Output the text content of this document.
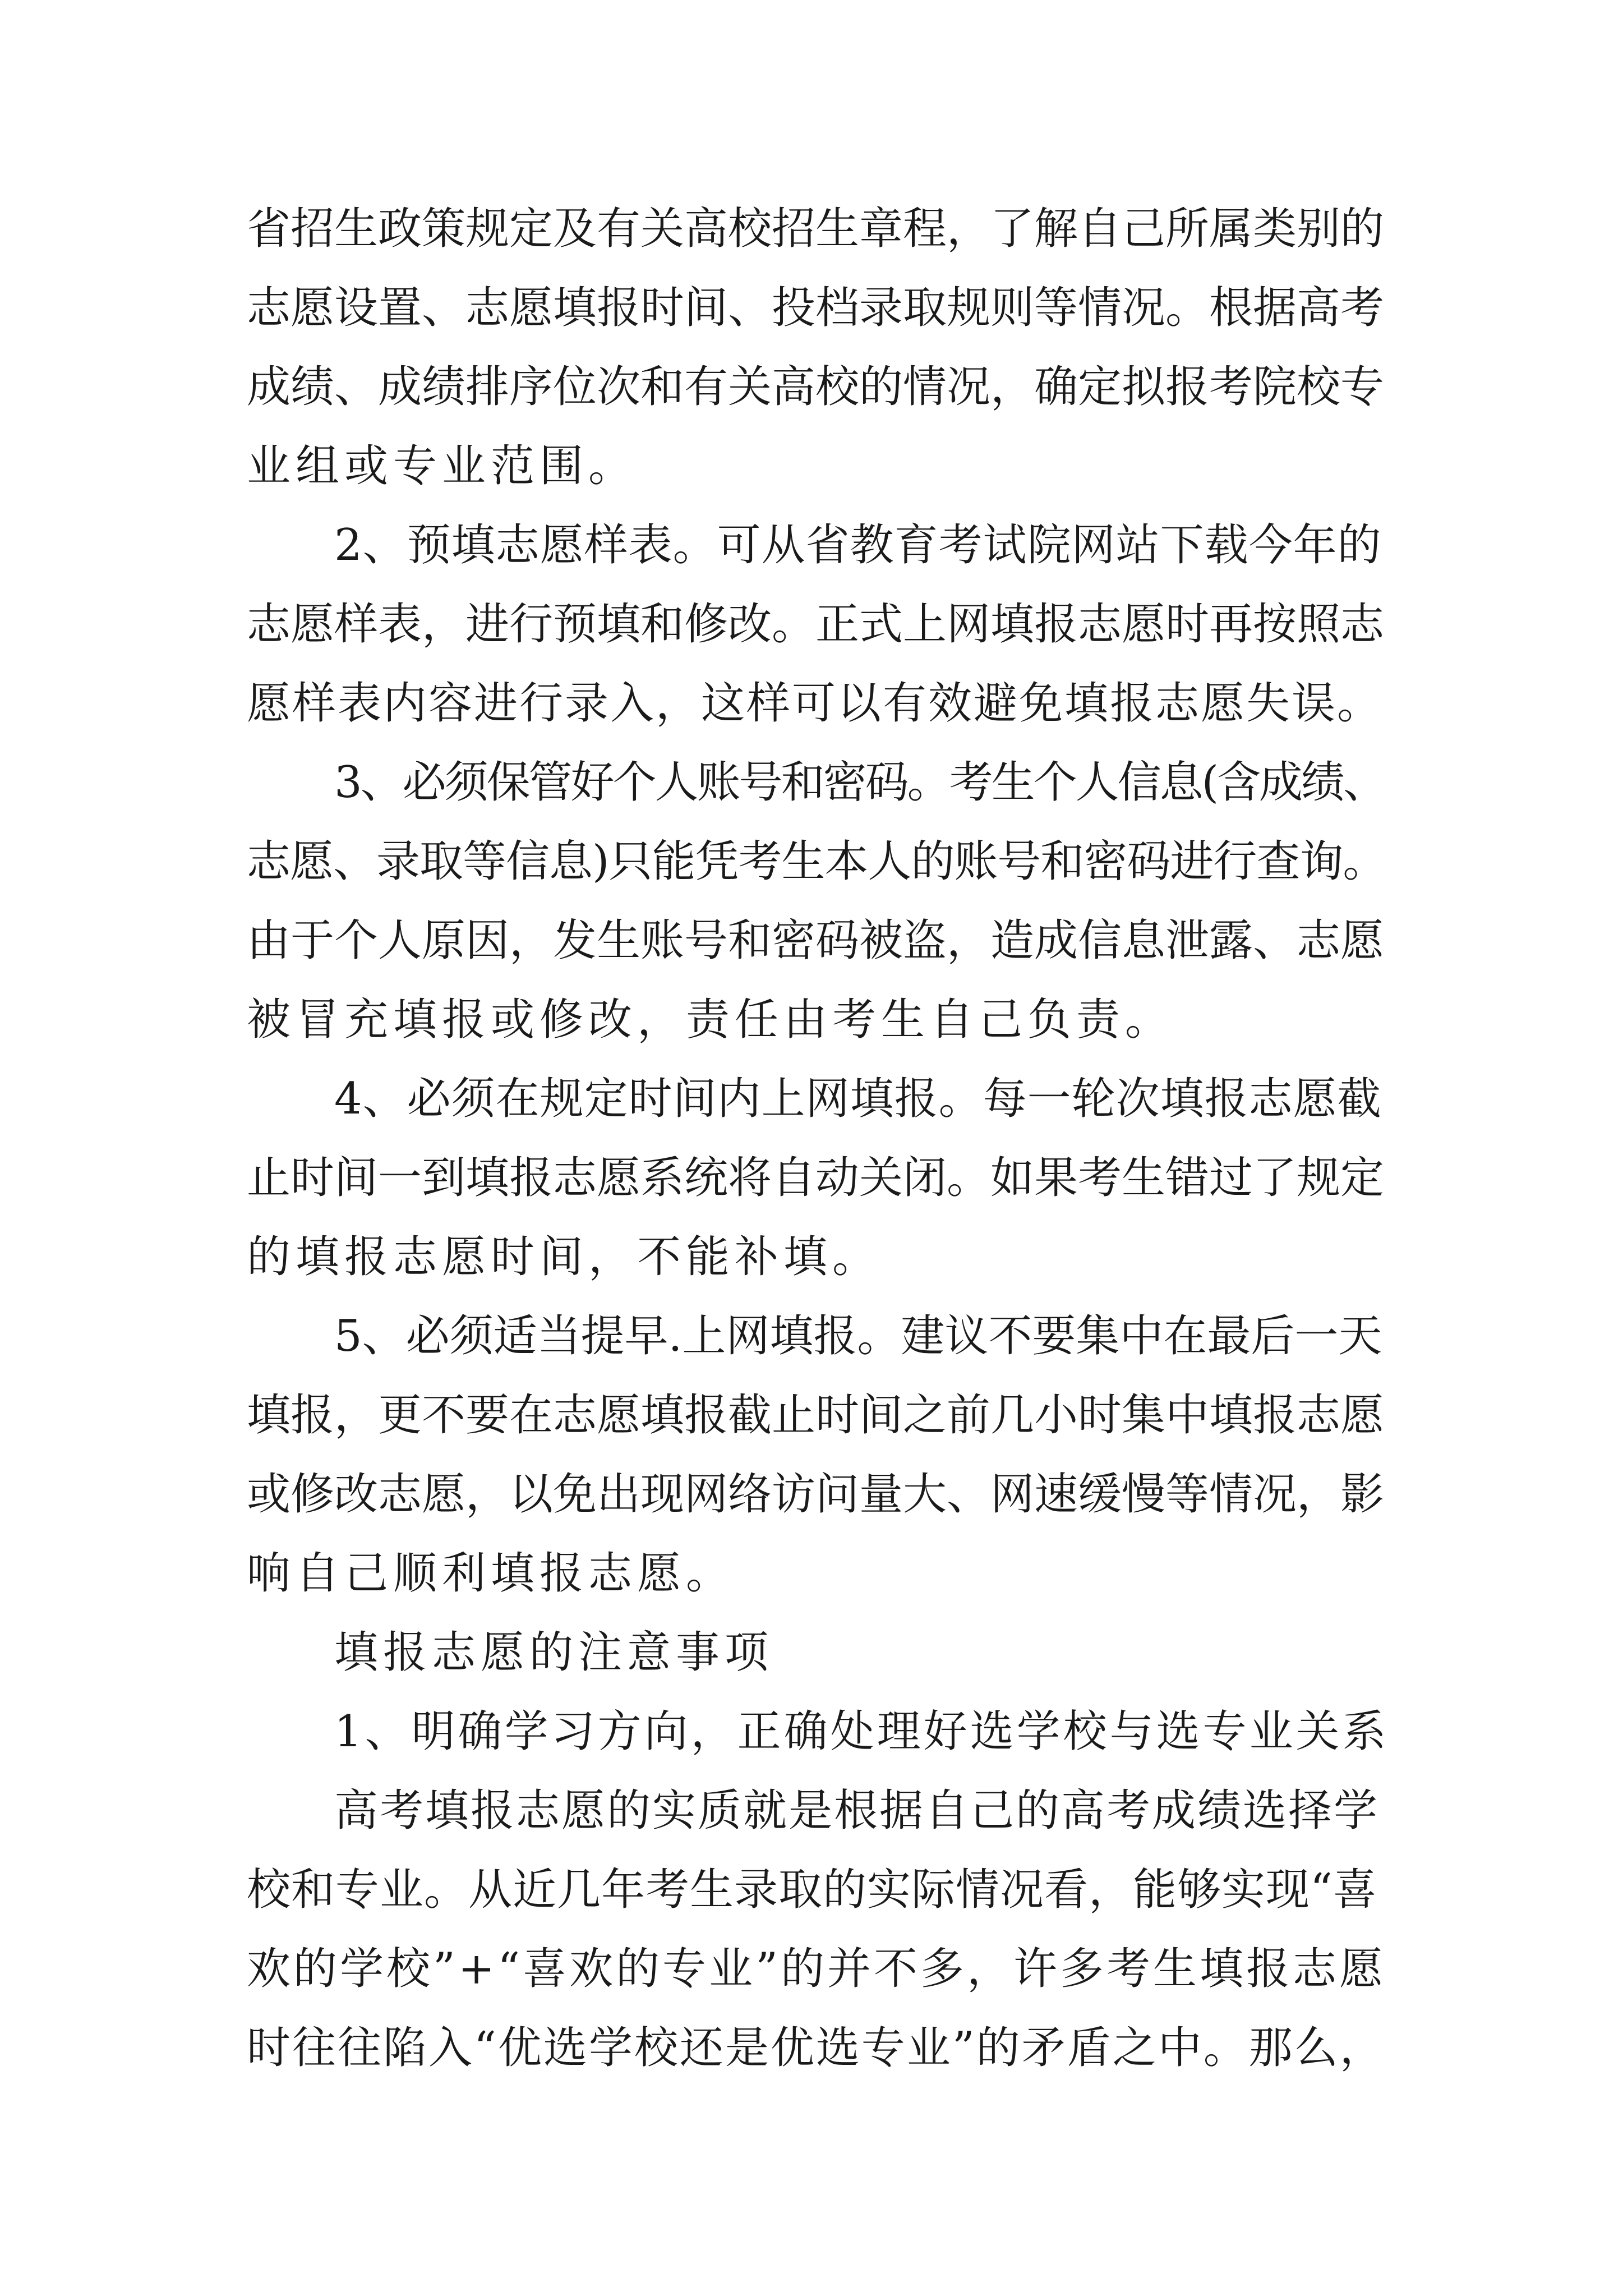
省招生政策规定及有关高校招生章程，了解自己所属类别的
志愿设置、志愿填报时间、投档录取规则等情况。根据高考
成绩、成绩排序位次和有关高校的情况，确定拟报考院校专
业组或专业范围。
2、预填志愿样表。可从省教育考试院网站下载今年的
志愿样表，进行预填和修改。正式上网填报志愿时再按照志
愿样表内容进行录入，这样可以有效避免填报志愿失误。
3、必须保管好个人账号和密码。考生个人信息(含成绩、
志愿、录取等信息)只能凭考生本人的账号和密码进行查询。
由于个人原因，发生账号和密码被盗，造成信息泄露、志愿
被冒充填报或修改，责任由考生自己负责。
4、必须在规定时间内上网填报。每一轮次填报志愿截
止时间一到填报志愿系统将自动关闭。如果考生错过了规定
的填报志愿时间，不能补填。
5、必须适当提早.上网填报。建议不要集中在最后一天
填报，更不要在志愿填报截止时间之前几小时集中填报志愿
或修改志愿，以免出现网络访问量大、网速缓慢等情况，影
响自己顺利填报志愿。
填报志愿的注意事项
1、明确学习方向，正确处理好选学校与选专业关系
高考填报志愿的实质就是根据自己的高考成绩选择学
校和专业。从近几年考生录取的实际情况看，能够实现“喜
欢的学校”+“喜欢的专业”的并不多，许多考生填报志愿
时往往陷入“优选学校还是优选专业”的矛盾之中。那么，
